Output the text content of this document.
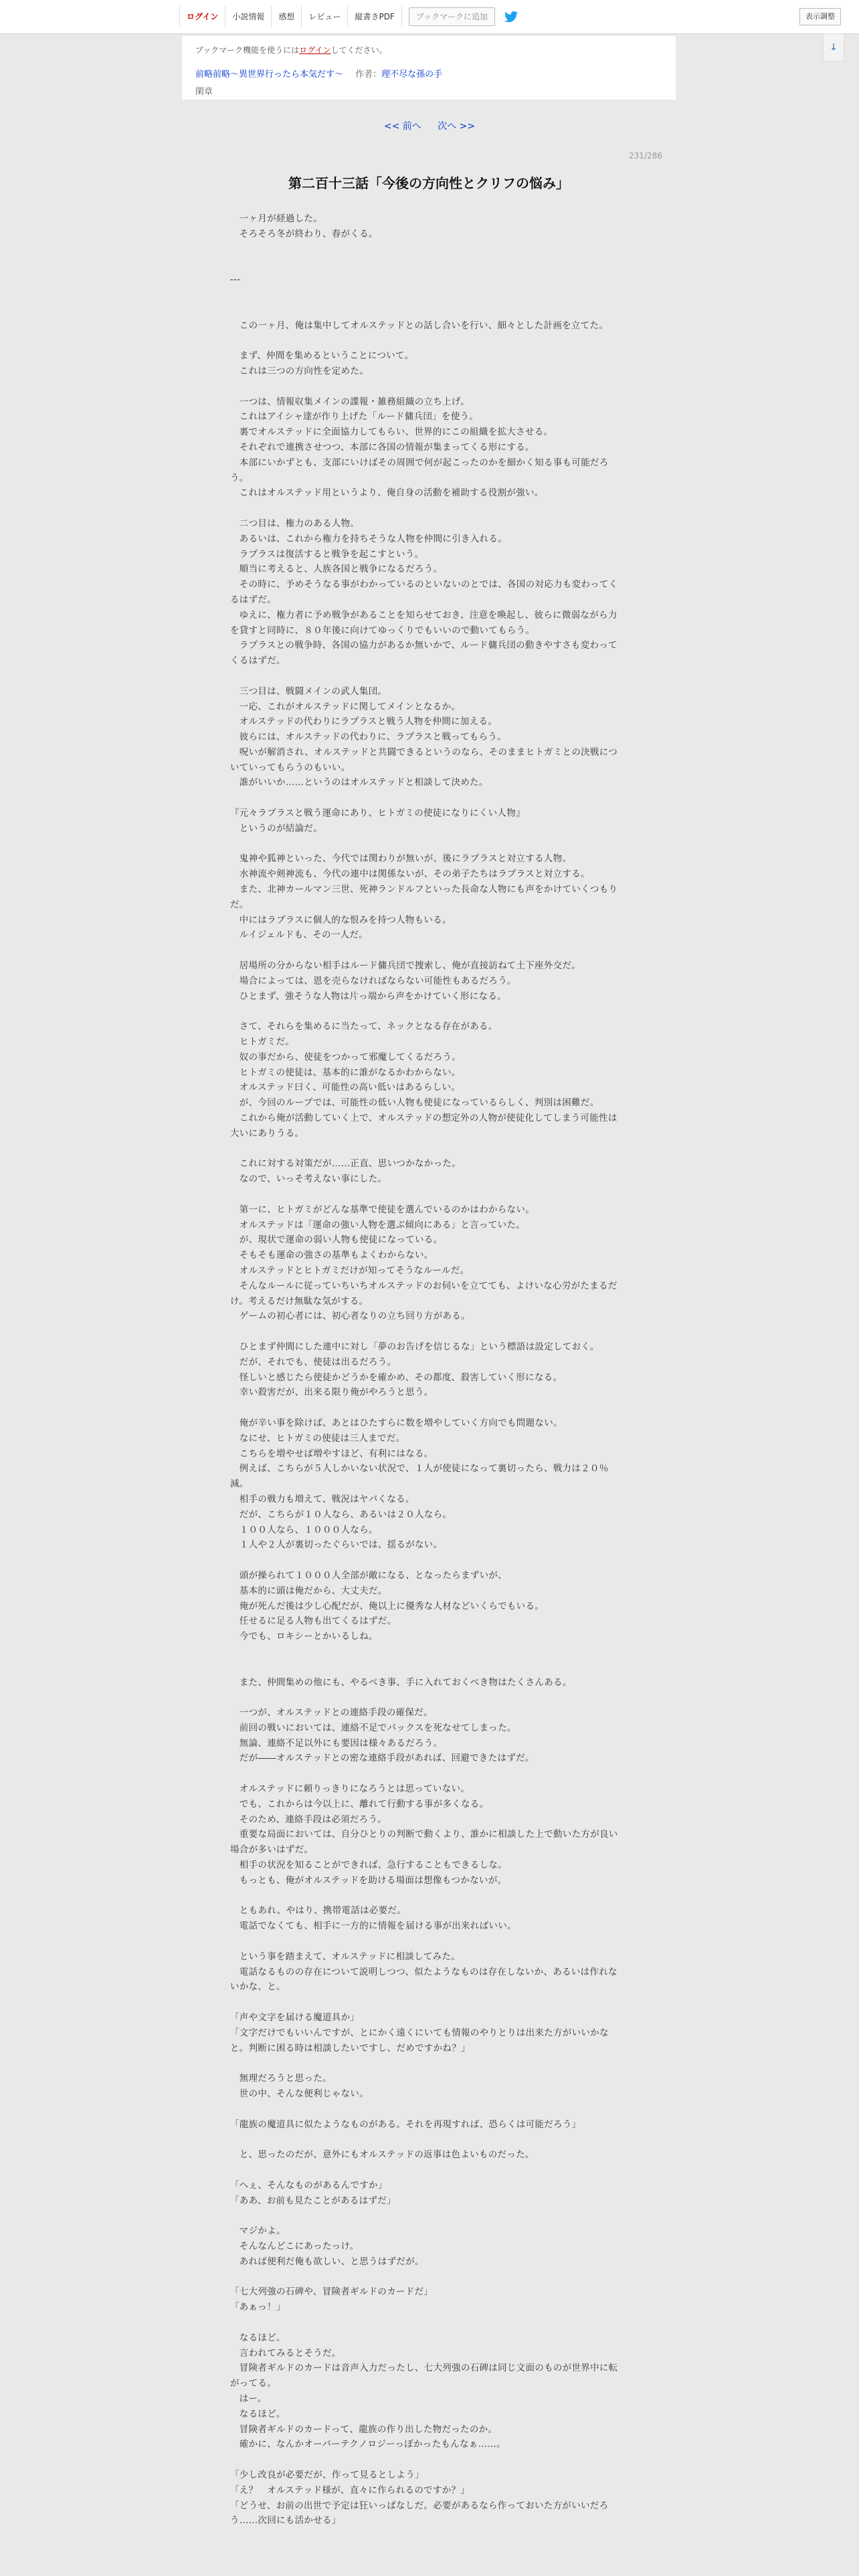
ログイン	小説情報	感想	レビュー	縦書きPDF	ブックマークに追加	表示調整
↓
ブックマーク機能を使うにはログインしてください。
前略前略〜異世界行ったら本気だす〜 作者：理不尽な孫の手
閑章
<< 前へ 次へ >>
231/286
第二百十三話「今後の方向性とクリフの悩み」

　一ヶ月が経過した。

　そろそろ冬が終わり、春がくる。

---

　この一ヶ月、俺は集中してオルステッドとの話し合いを行い、細々とした計画を立てた。

　まず、仲間を集めるということについて。

　これは三つの方向性を定めた。

　一つは、情報収集メインの諜報・雑務組織の立ち上げ。

　これはアイシャ達が作り上げた「ルード傭兵団」を使う。

　裏でオルステッドに全面協力してもらい、世界的にこの組織を拡大させる。

　それぞれで連携させつつ、本部に各国の情報が集まってくる形にする。

　本部にいかずとも、支部にいけばその周囲で何が起こったのかを細かく知る事も可能だろう。

　これはオルステッド用というより、俺自身の活動を補助する役割が強い。

　二つ目は、権力のある人物。

　あるいは、これから権力を持ちそうな人物を仲間に引き入れる。

　ラプラスは復活すると戦争を起こすという。

　順当に考えると、人族各国と戦争になるだろう。

　その時に、予めそうなる事がわかっているのといないのとでは、各国の対応力も変わってくるはずだ。

　ゆえに、権力者に予め戦争があることを知らせておき、注意を喚起し、彼らに微弱ながら力を貸すと同時に、８０年後に向けてゆっくりでもいいので動いてもらう。

　ラプラスとの戦争時、各国の協力があるか無いかで、ルード傭兵団の動きやすさも変わってくるはずだ。

　三つ目は、戦闘メインの武人集団。

　一応、これがオルステッドに関してメインとなるか。

　オルステッドの代わりにラプラスと戦う人物を仲間に加える。

　彼らには、オルステッドの代わりに、ラプラスと戦ってもらう。

　呪いが解消され、オルステッドと共闘できるというのなら、そのままヒトガミとの決戦についていってもらうのもいい。

　誰がいいか……というのはオルステッドと相談して決めた。

『元々ラプラスと戦う運命にあり、ヒトガミの使徒になりにくい人物』

　というのが結論だ。

　鬼神や狐神といった、今代では関わりが無いが、後にラプラスと対立する人物。

　水神流や剣神流も、今代の連中は関係ないが、その弟子たちはラプラスと対立する。

　また、北神カールマン三世、死神ランドルフといった長命な人物にも声をかけていくつもりだ。

　中にはラプラスに個人的な恨みを持つ人物もいる。

　ルイジェルドも、その一人だ。

　居場所の分からない相手はルード傭兵団で捜索し、俺が直接訪ねて土下座外交だ。

　場合によっては、恩を売らなければならない可能性もあるだろう。

　ひとまず、強そうな人物は片っ端から声をかけていく形になる。

　さて、それらを集めるに当たって、ネックとなる存在がある。

　ヒトガミだ。

　奴の事だから、使徒をつかって邪魔してくるだろう。

　ヒトガミの使徒は、基本的に誰がなるかわからない。

　オルステッド曰く、可能性の高い低いはあるらしい。

　が、今回のループでは、可能性の低い人物も使徒になっているらしく、判別は困難だ。

　これから俺が活動していく上で、オルステッドの想定外の人物が使徒化してしまう可能性は大いにありうる。

　これに対する対策だが……正直、思いつかなかった。

　なので、いっそ考えない事にした。

　第一に、ヒトガミがどんな基準で使徒を選んでいるのかはわからない。

　オルステッドは「運命の強い人物を選ぶ傾向にある」と言っていた。

　が、現状で運命の弱い人物も使徒になっている。

　そもそも運命の強さの基準もよくわからない。

　オルステッドとヒトガミだけが知ってそうなルールだ。

　そんなルールに従っていちいちオルステッドのお伺いを立てても、よけいな心労がたまるだけ。考えるだけ無駄な気がする。

　ゲームの初心者には、初心者なりの立ち回り方がある。

　ひとまず仲間にした連中に対し「夢のお告げを信じるな」という標語は設定しておく。

　だが、それでも、使徒は出るだろう。

　怪しいと感じたら使徒かどうかを確かめ、その都度、殺害していく形になる。

　幸い殺害だが、出来る限り俺がやろうと思う。

　俺が辛い事を除けば、あとはひたすらに数を増やしていく方向でも問題ない。

　なにせ、ヒトガミの使徒は三人までだ。

　こちらを増やせば増やすほど、有利にはなる。

　例えば、こちらが５人しかいない状況で、１人が使徒になって裏切ったら、戦力は２０％減。

　相手の戦力も増えて、戦況はヤバくなる。

　だが、こちらが１０人なら、あるいは２０人なら。

　１００人なら、１０００人なら。

　１人や２人が裏切ったぐらいでは、揺るがない。

　頭が操られて１０００人全部が敵になる、となったらまずいが、

　基本的に頭は俺だから、大丈夫だ。

　俺が死んだ後は少し心配だが、俺以上に優秀な人材などいくらでもいる。

　任せるに足る人物も出てくるはずだ。

　今でも、ロキシーとかいるしね。

　また、仲間集めの他にも、やるべき事、手に入れておくべき物はたくさんある。

　一つが、オルステッドとの連絡手段の確保だ。

　前回の戦いにおいては、連絡不足でパックスを死なせてしまった。

　無論、連絡不足以外にも要因は様々あるだろう。

　だが――オルステッドとの密な連絡手段があれば、回避できたはずだ。

　オルステッドに頼りっきりになろうとは思っていない。

　でも、これからは今以上に、離れて行動する事が多くなる。

　そのため、連絡手段は必須だろう。

　重要な局面においては、自分ひとりの判断で動くより、誰かに相談した上で動いた方が良い場合が多いはずだ。

　相手の状況を知ることができれば、急行することもできるしな。

　もっとも、俺がオルステッドを助ける場面は想像もつかないが。

　ともあれ、やはり、携帯電話は必要だ。

　電話でなくても、相手に一方的に情報を届ける事が出来ればいい。

　という事を踏まえて、オルステッドに相談してみた。

　電話なるものの存在について説明しつつ、似たようなものは存在しないか、あるいは作れないかな、と。

「声や文字を届ける魔道具か」

「文字だけでもいいんですが、とにかく遠くにいても情報のやりとりは出来た方がいいかなと。判断に困る時は相談したいですし、だめですかね？」

　無理だろうと思った。

　世の中、そんな便利じゃない。

「龍族の魔道具に似たようなものがある。それを再現すれば、恐らくは可能だろう」

　と、思ったのだが、意外にもオルステッドの返事は色よいものだった。

「へぇ、そんなものがあるんですか」

「ああ、お前も見たことがあるはずだ」

　マジかよ。

　そんなんどこにあったっけ。

　あれば便利だ俺も欲しい、と思うはずだが。

「七大列強の石碑や、冒険者ギルドのカードだ」

「あぁっ！」

　なるほど。

　言われてみるとそうだ。

　冒険者ギルドのカードは音声入力だったし、七大列強の石碑は同じ文面のものが世界中に転がってる。

　はー。

　なるほど。

　冒険者ギルドのカードって、龍族の作り出した物だったのか。

　確かに、なんかオーバーテクノロジーっぽかったもんなぁ……。

「少し改良が必要だが、作って見るとしよう」

「え？　オルステッド様が、直々に作られるのですか？」

「どうせ、お前の出世で予定は狂いっぱなしだ。必要があるなら作っておいた方がいいだろう……次回にも活かせる」
